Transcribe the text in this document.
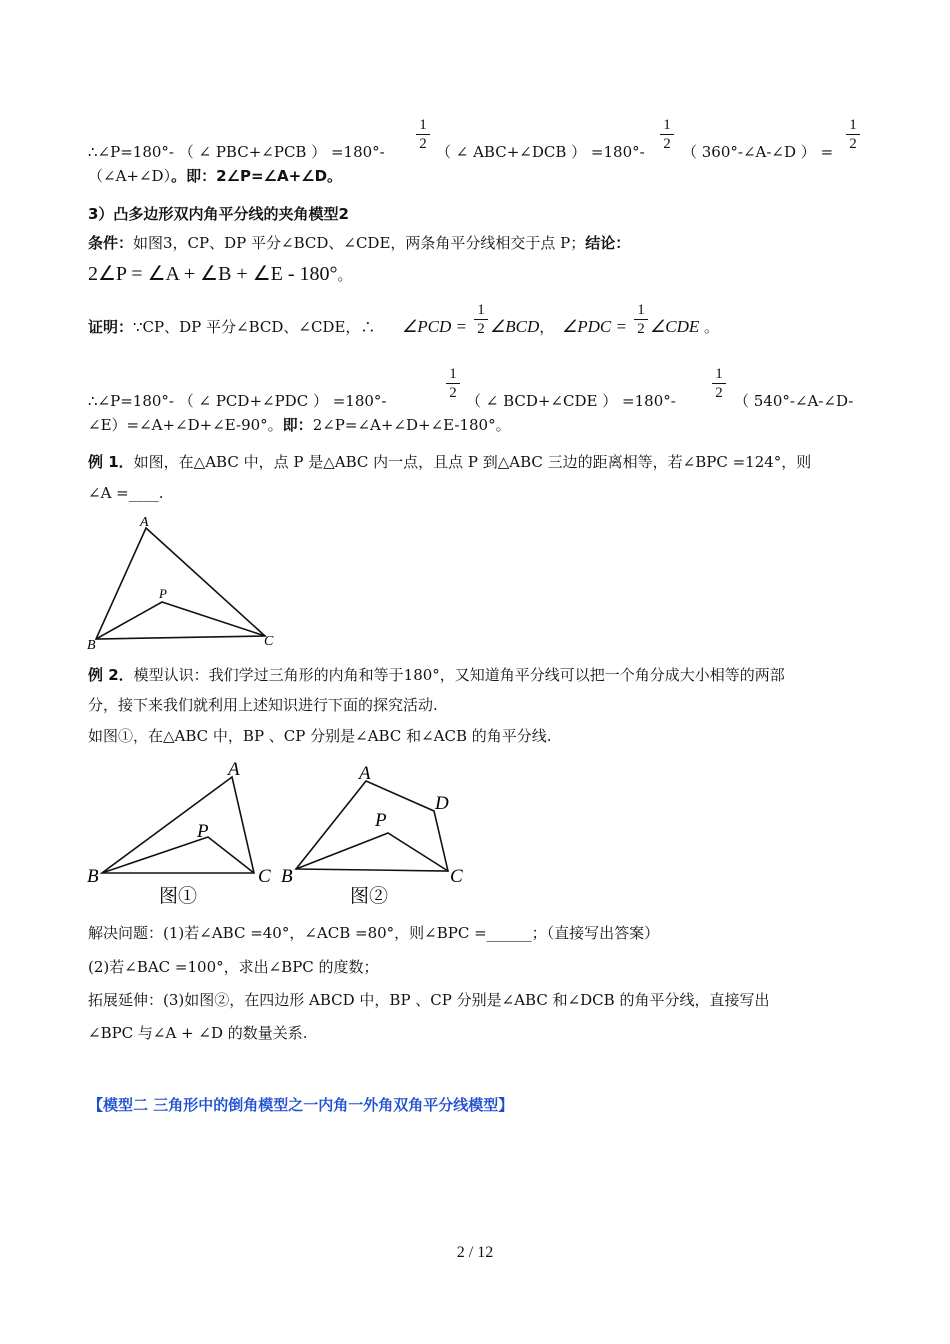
∴∠P=180°- （ ∠ PBC+∠PCB ） =180°-
1
2 （ ∠ ABC+∠DCB ） =180°-
1
2 （ 360°-∠A-∠D ） =
1
2
（∠A+∠D）。即：2∠P=∠A+∠D。
3）凸多边形双内角平分线的夹角模型2
条件：如图3，CP、DP 平分∠BCD、∠CDE，两条角平分线相交于点 P；结论：
2∠P = ∠A + ∠B + ∠E - 180°。
证明：∵CP、DP 平分∠BCD、∠CDE，∴ ∠PCD =
1
2 ∠BCD， ∠PDC =
1
2 ∠CDE 。
∴∠P=180°- （ ∠ PCD+∠PDC ） =180°-
1
2 （ ∠ BCD+∠CDE ） =180°-
1
2 （ 540°-∠A-∠D-
∠E）=∠A+∠D+∠E-90°。即：2∠P=∠A+∠D+∠E-180°。
例 1．如图，在△ABC 中，点 P 是△ABC 内一点，且点 P 到△ABC 三边的距离相等，若∠BPC =124°，则
∠A =____.
A
B	C
P
例 2．模型认识：我们学过三角形的内角和等于180°，又知道角平分线可以把一个角分成大小相等的两部
分，接下来我们就利用上述知识进行下面的探究活动.
如图①，在△ABC 中，BP 、CP 分别是∠ABC 和∠ACB 的角平分线.
A
B	C
P
图①
A
B	C
D
P
图②
解决问题：(1)若∠ABC =40°，∠ACB =80°，则∠BPC =______；（直接写出答案）
(2)若∠BAC =100°，求出∠BPC 的度数；
拓展延伸：(3)如图②，在四边形 ABCD 中，BP 、CP 分别是∠ABC 和∠DCB 的角平分线，直接写出
∠BPC 与∠A + ∠D 的数量关系.
【模型二 三角形中的倒角模型之一内角一外角双角平分线模型】
2 / 12
